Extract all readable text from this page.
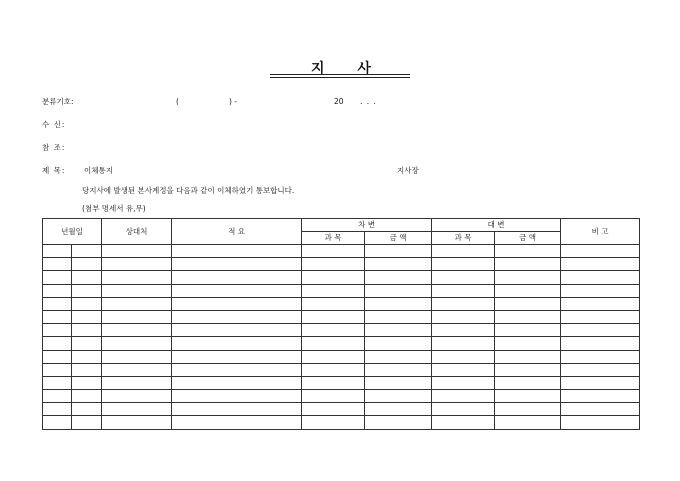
지 사
분류기호:	(	) -	20 . . .
수 신:
참 조:
제 목: 이체통지	지사장
당지사에 발생된 본사계정을 다음과 같이 이체하였기 통보합니다.
(첨부 명세서 유,무)
년월일		상대처	적 요	차 변		대 변		비 고
				과 목	금 액	과 목	금 액	
